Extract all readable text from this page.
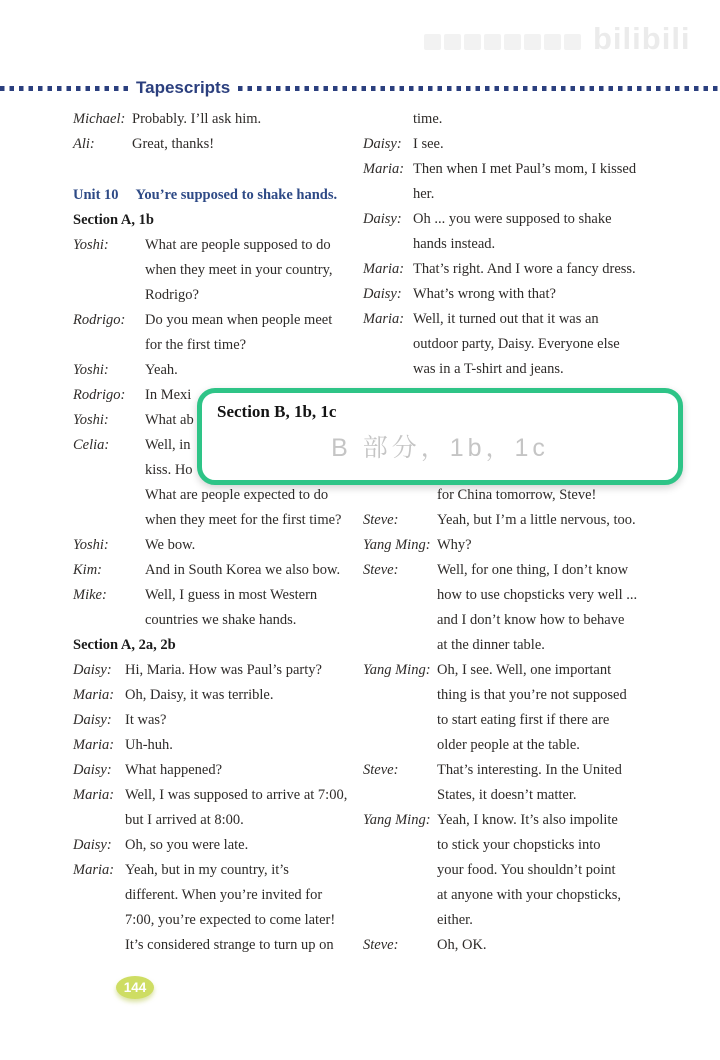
bilibili
Tapescripts
Michael: Probably. I’ll ask him.
Ali:	Great, thanks!
Unit 10 You’re supposed to shake hands.
Section A, 1b
Yoshi:	What are people supposed to do
when they meet in your country,
Rodrigo?
Rodrigo:	Do you mean when people meet
for the first time?
Yoshi:	Yeah.
Rodrigo:	In Mexi
Yoshi:	What ab
Celia:	Well, in
kiss. Ho
What are people expected to do
when they meet for the first time?
Yoshi:	We bow.
Kim:	And in South Korea we also bow.
Mike:	Well, I guess in most Western
countries we shake hands.
Section A, 2a, 2b
Daisy: Hi, Maria. How was Paul’s party?
Maria: Oh, Daisy, it was terrible.
Daisy: It was?
Maria: Uh-huh.
Daisy: What happened?
Maria: Well, I was supposed to arrive at 7:00,
but I arrived at 8:00.
Daisy: Oh, so you were late.
Maria: Yeah, but in my country, it’s
different. When you’re invited for
7:00, you’re expected to come later!
It’s considered strange to turn up on
time.
Daisy: I see.
Maria: Then when I met Paul’s mom, I kissed
her.
Daisy: Oh ... you were supposed to shake
hands instead.
Maria: That’s right. And I wore a fancy dress.
Daisy: What’s wrong with that?
Maria: Well, it turned out that it was an
outdoor party, Daisy. Everyone else
was in a T-shirt and jeans.
for China tomorrow, Steve!
Steve:	Yeah, but I’m a little nervous, too.
Yang Ming: Why?
Steve:	Well, for one thing, I don’t know
how to use chopsticks very well ...
and I don’t know how to behave
at the dinner table.
Yang Ming: Oh, I see. Well, one important
thing is that you’re not supposed
to start eating first if there are
older people at the table.
Steve:	That’s interesting. In the United
States, it doesn’t matter.
Yang Ming: Yeah, I know. It’s also impolite
to stick your chopsticks into
your food. You shouldn’t point
at anyone with your chopsticks,
either.
Steve:	Oh, OK.
Section B, 1b, 1c
B 部分，1b，1c
144
